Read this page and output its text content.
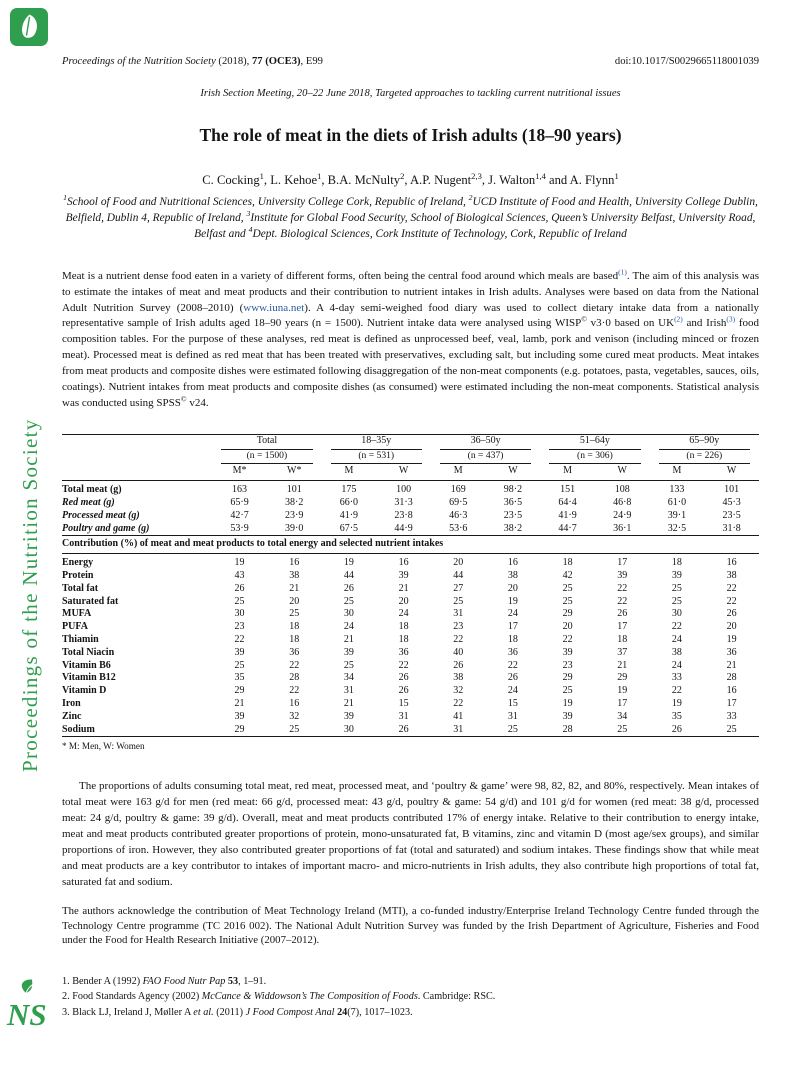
Proceedings of the Nutrition Society
NS
Proceedings of the Nutrition Society (2018), 77 (OCE3), E99	doi:10.1017/S0029665118001039
Irish Section Meeting, 20–22 June 2018, Targeted approaches to tackling current nutritional issues
The role of meat in the diets of Irish adults (18–90 years)
C. Cocking$^1$, L. Kehoe$^1$, B.A. McNulty$^2$, A.P. Nugent$^{2,3}$, J. Walton$^{1,4}$ and A. Flynn$^1$
$^1$School of Food and Nutritional Sciences, University College Cork, Republic of Ireland, $^2$UCD Institute of Food and Health, University College Dublin, Belfield, Dublin 4, Republic of Ireland, $^3$Institute for Global Food Security, School of Biological Sciences, Queen’s University Belfast, University Road, Belfast and $^4$Dept. Biological Sciences, Cork Institute of Technology, Cork, Republic of Ireland

Meat is a nutrient dense food eaten in a variety of different forms, often being the central food around which meals are based$^{(1)}$. The aim of this analysis was to estimate the intakes of meat and meat products and their contribution to nutrient intakes in Irish adults. Analyses were based on data from the National Adult Nutrition Survey (2008–2010) (www.iuna.net). A 4-day semi-weighed food diary was used to collect dietary intake data from a nationally representative sample of Irish adults aged 18–90 years (n = 1500). Nutrient intake data were analysed using WISP© v3·0 based on UK$^{(2)}$ and Irish$^{(3)}$ food composition tables. For the purpose of these analyses, red meat is defined as unprocessed beef, veal, lamb, pork and venison (including minced or frozen meat). Processed meat is defined as red meat that has been treated with preservatives, excluding salt, but including some cured meat products. Meat intakes from meat products and composite dishes were estimated following disaggregation of the non-meat components (e.g. potatoes, pasta, vegetables, sauces, oils, coatings). Nutrient intakes from meat products and composite dishes (as consumed) were estimated including the non-meat components. Statistical analysis was conducted using SPSS© v24.

	Total		18–35y		36–50y		51–64y		65–90y	

	(n = 1500)		(n = 531)		(n = 437)		(n = 306)		(n = 226)	

	M*	W*	M	W	M	W	M	W	M	W
Total meat (g)	163	101	175	100	169	98·2	151	108	133	101
Red meat (g)	65·9	38·2	66·0	31·3	69·5	36·5	64·4	46·8	61·0	45·3
Processed meat (g)	42·7	23·9	41·9	23·8	46·3	23·5	41·9	24·9	39·1	23·5
Poultry and game (g)	53·9	39·0	67·5	44·9	53·6	38·2	44·7	36·1	32·5	31·8
Contribution (%) of meat and meat products to total energy and selected nutrient intakes										
Energy	19	16	19	16	20	16	18	17	18	16
Protein	43	38	44	39	44	38	42	39	39	38
Total fat	26	21	26	21	27	20	25	22	25	22
Saturated fat	25	20	25	20	25	19	25	22	25	22
MUFA	30	25	30	24	31	24	29	26	30	26
PUFA	23	18	24	18	23	17	20	17	22	20
Thiamin	22	18	21	18	22	18	22	18	24	19
Total Niacin	39	36	39	36	40	36	39	37	38	36
Vitamin B6	25	22	25	22	26	22	23	21	24	21
Vitamin B12	35	28	34	26	38	26	29	29	33	28
Vitamin D	29	22	31	26	32	24	25	19	22	16
Iron	21	16	21	15	22	15	19	17	19	17
Zinc	39	32	39	31	41	31	39	34	35	33
Sodium	29	25	30	26	31	25	28	25	26	25
* M: Men, W: Women

The proportions of adults consuming total meat, red meat, processed meat, and ‘poultry & game’ were 98, 82, 82, and 80%, respectively. Mean intakes of total meat were 163 g/d for men (red meat: 66 g/d, processed meat: 43 g/d, poultry & game: 54 g/d) and 101 g/d for women (red meat: 38 g/d, processed meat: 24 g/d, poultry & game: 39 g/d). Overall, meat and meat products contributed 17% of energy intake. Relative to their contribution to energy intake, meat and meat products contributed greater proportions of protein, mono-unsaturated fat, B vitamins, zinc and vitamin D (most age/sex groups), and similar proportions of iron. However, they also contributed greater proportions of fat (total and saturated) and sodium intakes. These findings show that while meat and meat products are a key contributor to intakes of important macro- and micro-nutrients in Irish adults, they also contribute high proportions of total fat, saturated fat and sodium.

The authors acknowledge the contribution of Meat Technology Ireland (MTI), a co-funded industry/Enterprise Ireland Technology Centre funded through the Technology Centre programme (TC 2016 002). The National Adult Nutrition Survey was funded by the Irish Department of Agriculture, Fisheries and Food under the Food for Health Research Initiative (2007–2012).

1. Bender A (1992) FAO Food Nutr Pap 53, 1–91.
2. Food Standards Agency (2002) McCance & Widdowson’s The Composition of Foods. Cambridge: RSC.
3. Black LJ, Ireland J, Møller A et al. (2011) J Food Compost Anal 24(7), 1017–1023.
